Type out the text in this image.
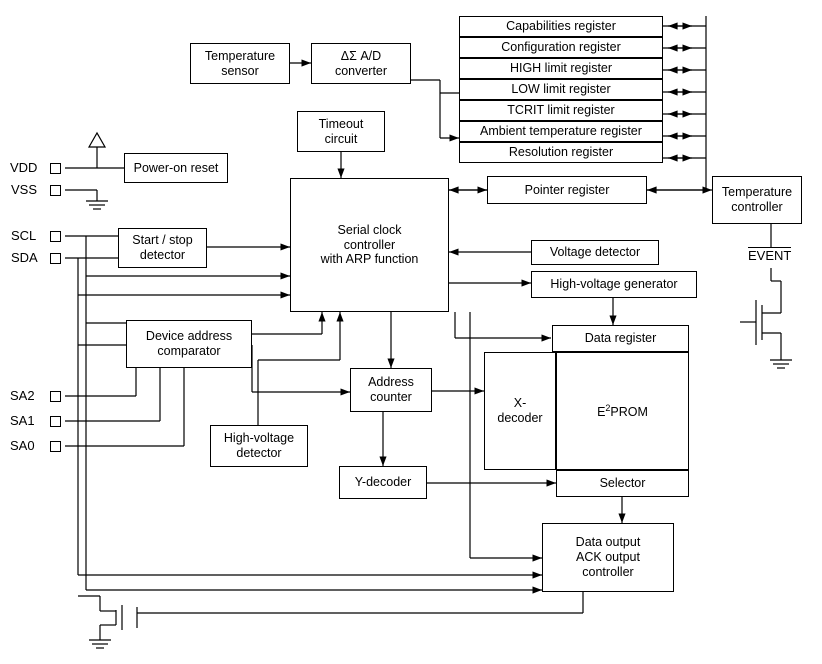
VDD
VSS
SCL
SDA
SA2
SA1
SA0
EVENT
Temperature
sensor
ΔΣ A/D
converter
Timeout
circuit
Power-on reset
Start / stop
detector
Serial clock
controller
with ARP function
Device address
comparator
High-voltage
detector
Address
counter
Y-decoder
X-
decoder	$E^2PROM$
Data register
Selector
Data output
ACK output
controller
Voltage detector
High-voltage generator
Pointer register	Temperature
controller
Capabilities register
Configuration register
HIGH limit register
LOW limit register
TCRIT limit register
Ambient temperature register
Resolution register
